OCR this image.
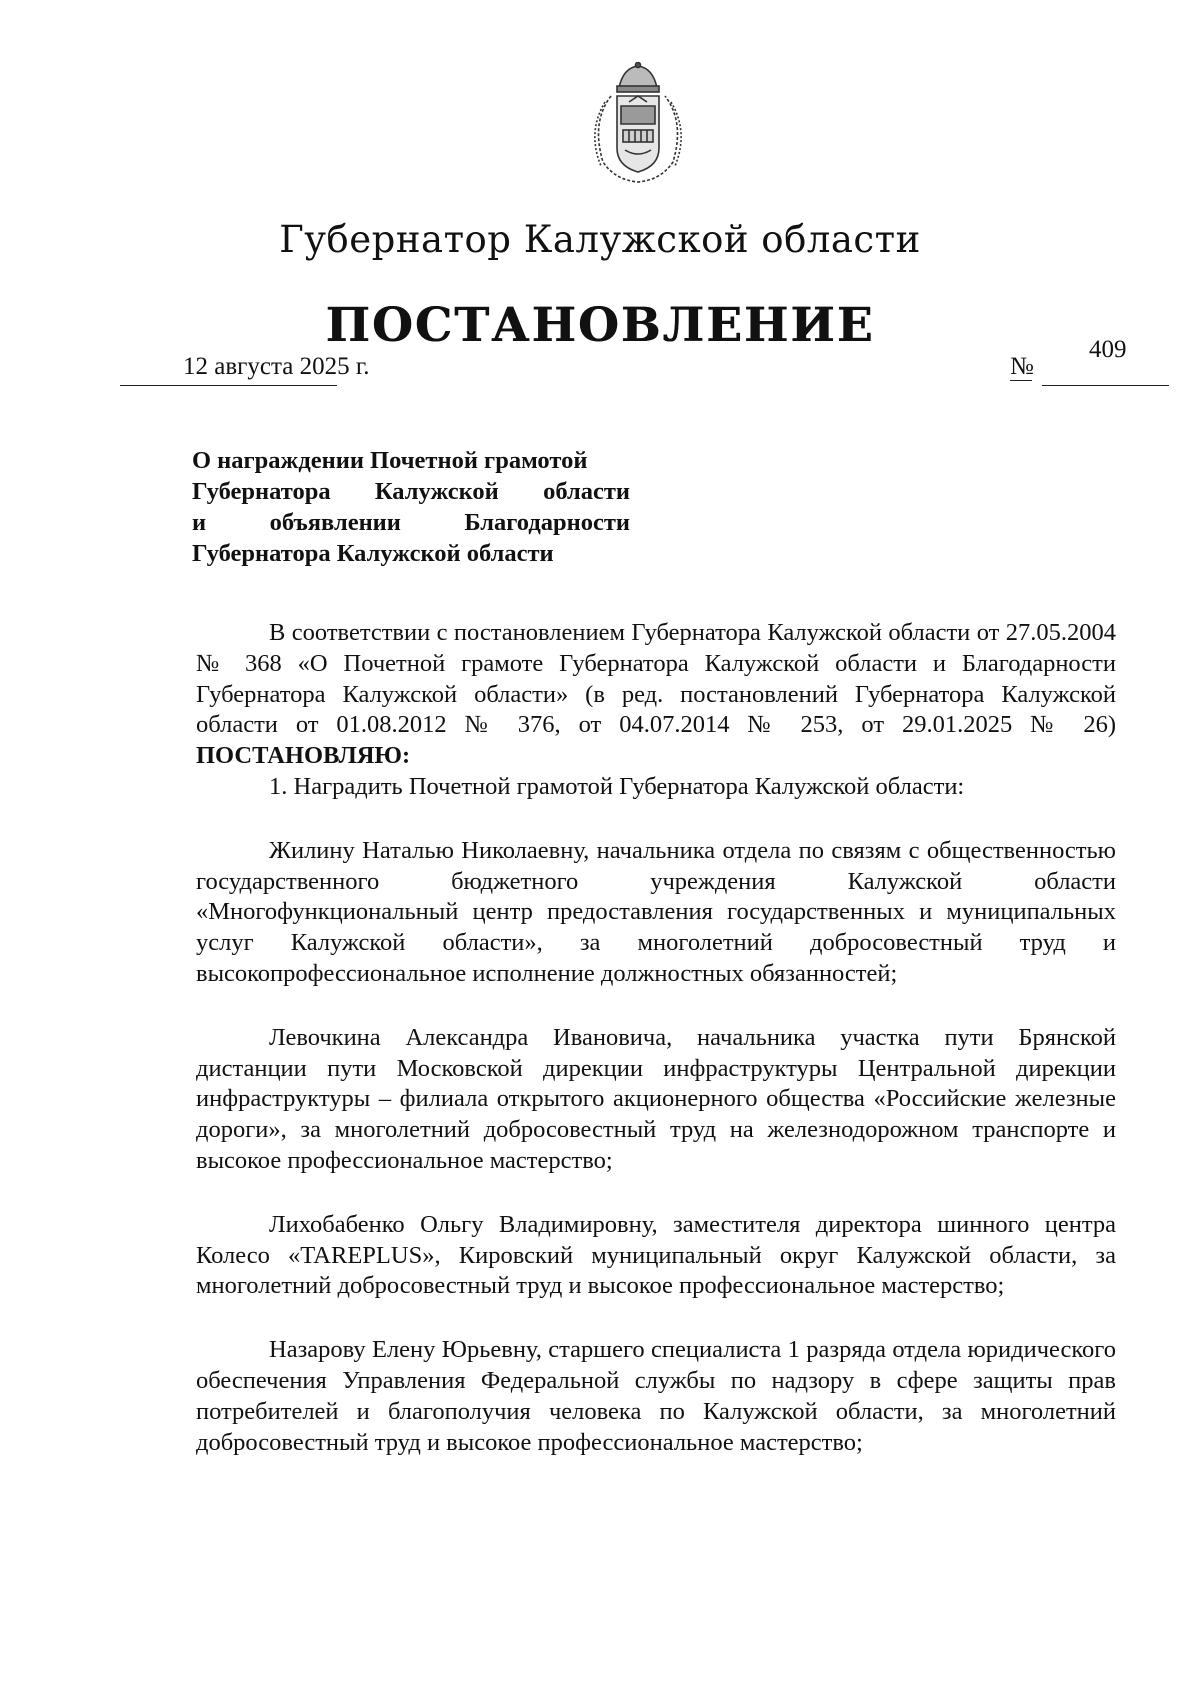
Губернатор Калужской области
ПОСТАНОВЛЕНИЕ
12 августа 2025 г.	№
409
О награждении Почетной грамотой
Губернатора Калужской области
и объявлении Благодарности
Губернатора Калужской области

В соответствии с постановлением Губернатора Калужской области от 27.05.2004 № 368 «О Почетной грамоте Губернатора Калужской области и Благодарности Губернатора Калужской области» (в ред. постановлений Губернатора Калужской области от 01.08.2012 № 376, от 04.07.2014 № 253, от 29.01.2025 № 26) ПОСТАНОВЛЯЮ:

1. Наградить Почетной грамотой Губернатора Калужской области:

Жилину Наталью Николаевну, начальника отдела по связям с общественностью государственного бюджетного учреждения Калужской области «Многофункциональный центр предоставления государственных и муниципальных услуг Калужской области», за многолетний добросовестный труд и высокопрофессиональное исполнение должностных обязанностей;

Левочкина Александра Ивановича, начальника участка пути Брянской дистанции пути Московской дирекции инфраструктуры Центральной дирекции инфраструктуры – филиала открытого акционерного общества «Российские железные дороги», за многолетний добросовестный труд на железнодорожном транспорте и высокое профессиональное мастерство;

Лихобабенко Ольгу Владимировну, заместителя директора шинного центра Колесо «TAREPLUS», Кировский муниципальный округ Калужской области, за многолетний добросовестный труд и высокое профессиональное мастерство;

Назарову Елену Юрьевну, старшего специалиста 1 разряда отдела юридического обеспечения Управления Федеральной службы по надзору в сфере защиты прав потребителей и благополучия человека по Калужской области, за многолетний добросовестный труд и высокое профессиональное мастерство;
